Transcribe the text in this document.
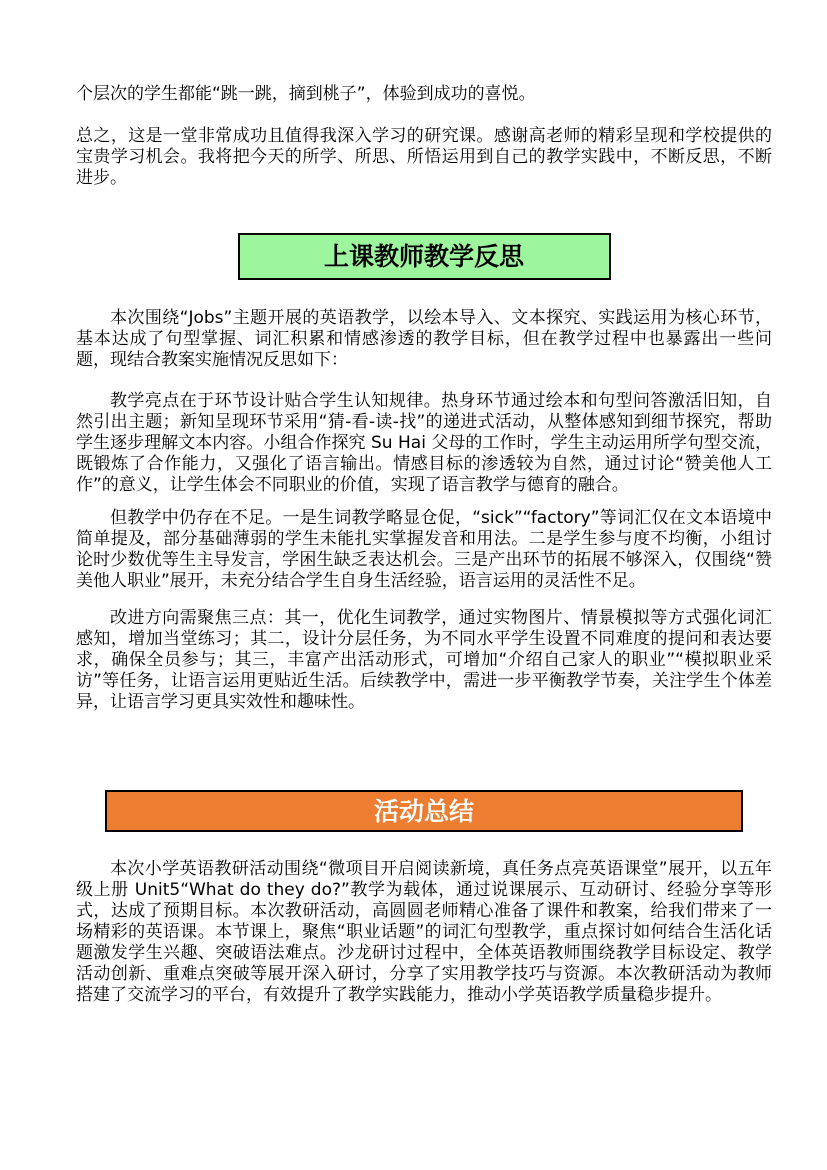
个层次的学生都能“跳一跳，摘到桃子”，体验到成功的喜悦。

总之，这是一堂非常成功且值得我深入学习的研究课。感谢高老师的精彩呈现和学校提供的宝贵学习机会。我将把今天的所学、所思、所悟运用到自己的教学实践中，不断反思，不断进步。

上课教师教学反思

本次围绕“Jobs”主题开展的英语教学，以绘本导入、文本探究、实践运用为核心环节，基本达成了句型掌握、词汇积累和情感渗透的教学目标，但在教学过程中也暴露出一些问题，现结合教案实施情况反思如下：

教学亮点在于环节设计贴合学生认知规律。热身环节通过绘本和句型问答激活旧知，自然引出主题；新知呈现环节采用“猜-看-读-找”的递进式活动，从整体感知到细节探究，帮助学生逐步理解文本内容。小组合作探究 Su Hai 父母的工作时，学生主动运用所学句型交流，既锻炼了合作能力，又强化了语言输出。情感目标的渗透较为自然，通过讨论“赞美他人工作”的意义，让学生体会不同职业的价值，实现了语言教学与德育的融合。

但教学中仍存在不足。一是生词教学略显仓促，“sick”“factory”等词汇仅在文本语境中简单提及，部分基础薄弱的学生未能扎实掌握发音和用法。二是学生参与度不均衡，小组讨论时少数优等生主导发言，学困生缺乏表达机会。三是产出环节的拓展不够深入，仅围绕“赞美他人职业”展开，未充分结合学生自身生活经验，语言运用的灵活性不足。

改进方向需聚焦三点：其一，优化生词教学，通过实物图片、情景模拟等方式强化词汇感知，增加当堂练习；其二，设计分层任务，为不同水平学生设置不同难度的提问和表达要求，确保全员参与；其三，丰富产出活动形式，可增加“介绍自己家人的职业”“模拟职业采访”等任务，让语言运用更贴近生活。后续教学中，需进一步平衡教学节奏，关注学生个体差异，让语言学习更具实效性和趣味性。

活动总结

本次小学英语教研活动围绕“微项目开启阅读新境，真任务点亮英语课堂”展开，以五年级上册 Unit5“What do they do?”教学为载体，通过说课展示、互动研讨、经验分享等形式，达成了预期目标。本次教研活动，高圆圆老师精心准备了课件和教案，给我们带来了一场精彩的英语课。本节课上，聚焦“职业话题”的词汇句型教学，重点探讨如何结合生活化话题激发学生兴趣、突破语法难点。沙龙研讨过程中，全体英语教师围绕教学目标设定、教学活动创新、重难点突破等展开深入研讨，分享了实用教学技巧与资源。本次教研活动为教师搭建了交流学习的平台，有效提升了教学实践能力，推动小学英语教学质量稳步提升。
